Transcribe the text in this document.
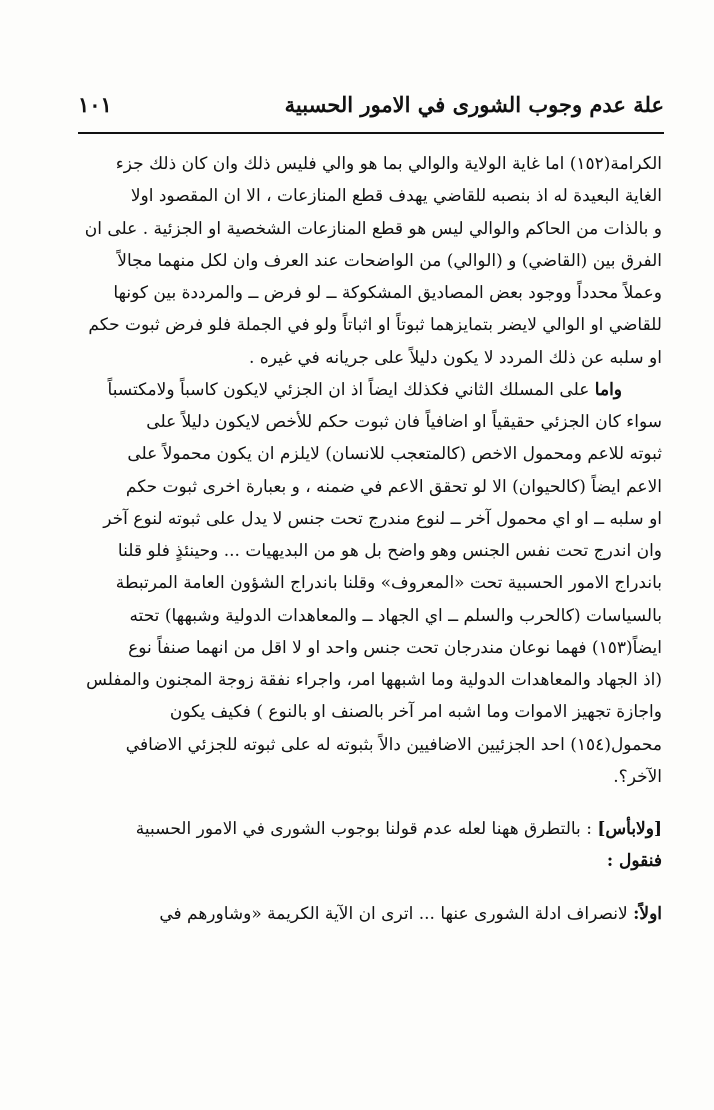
علة عدم وجوب الشورى في الامور الحسبية
١٠١
الكرامة(١٥٢) اما غاية الولاية والوالي بما هو والي فليس ذلك وان كان ذلك جزء
الغاية البعيدة له اذ بنصبه للقاضي يهدف قطع المنازعات ، الا ان المقصود اولا
و بالذات من الحاكم والوالي ليس هو قطع المنازعات الشخصية او الجزئية . على ان
الفرق بين (القاضي) و (الوالي) من الواضحات عند العرف وان لكل منهما مجالاً
وعملاً محدداً ووجود بعض المصاديق المشكوكة ــ لو فرض ــ والمرددة بين كونها
للقاضي او الوالي لايضر بتمايزهما ثبوتاً او اثباتاً ولو في الجملة فلو فرض ثبوت حكم
او سلبه عن ذلك المردد لا يكون دليلاً على جريانه في غيره .
واما على المسلك الثاني فكذلك ايضاً اذ ان الجزئي لايكون كاسباً ولامكتسباً
سواء كان الجزئي حقيقياً او اضافياً فان ثبوت حكم للأخص لايكون دليلاً على
ثبوته للاعم ومحمول الاخص (كالمتعجب للانسان) لايلزم ان يكون محمولاً على
الاعم ايضاً (كالحيوان) الا لو تحقق الاعم في ضمنه ، و بعبارة اخرى ثبوت حكم
او سلبه ــ او اي محمول آخر ــ لنوع مندرج تحت جنس لا يدل على ثبوته لنوع آخر
وان اندرج تحت نفس الجنس وهو واضح بل هو من البديهيات ... وحينئذٍ فلو قلنا
باندراج الامور الحسبية تحت «المعروف» وقلنا باندراج الشؤون العامة المرتبطة
بالسياسات (كالحرب والسلم ــ اي الجهاد ــ والمعاهدات الدولية وشبهها) تحته
ايضاً(١٥٣) فهما نوعان مندرجان تحت جنس واحد او لا اقل من انهما صنفاً نوع
(اذ الجهاد والمعاهدات الدولية وما اشبهها امر، واجراء نفقة زوجة المجنون والمفلس
واجازة تجهيز الاموات وما اشبه امر آخر بالصنف او بالنوع ) فكيف يكون
محمول(١٥٤) احد الجزئيين الاضافيين دالاً بثبوته له على ثبوته للجزئي الاضافي
الآخر؟.
[ولابأس] : بالتطرق ههنا لعله عدم قولنا بوجوب الشورى في الامور الحسبية
فنقول :
اولاً: لانصراف ادلة الشورى عنها ... اترى ان الآية الكريمة «وشاورهم في
